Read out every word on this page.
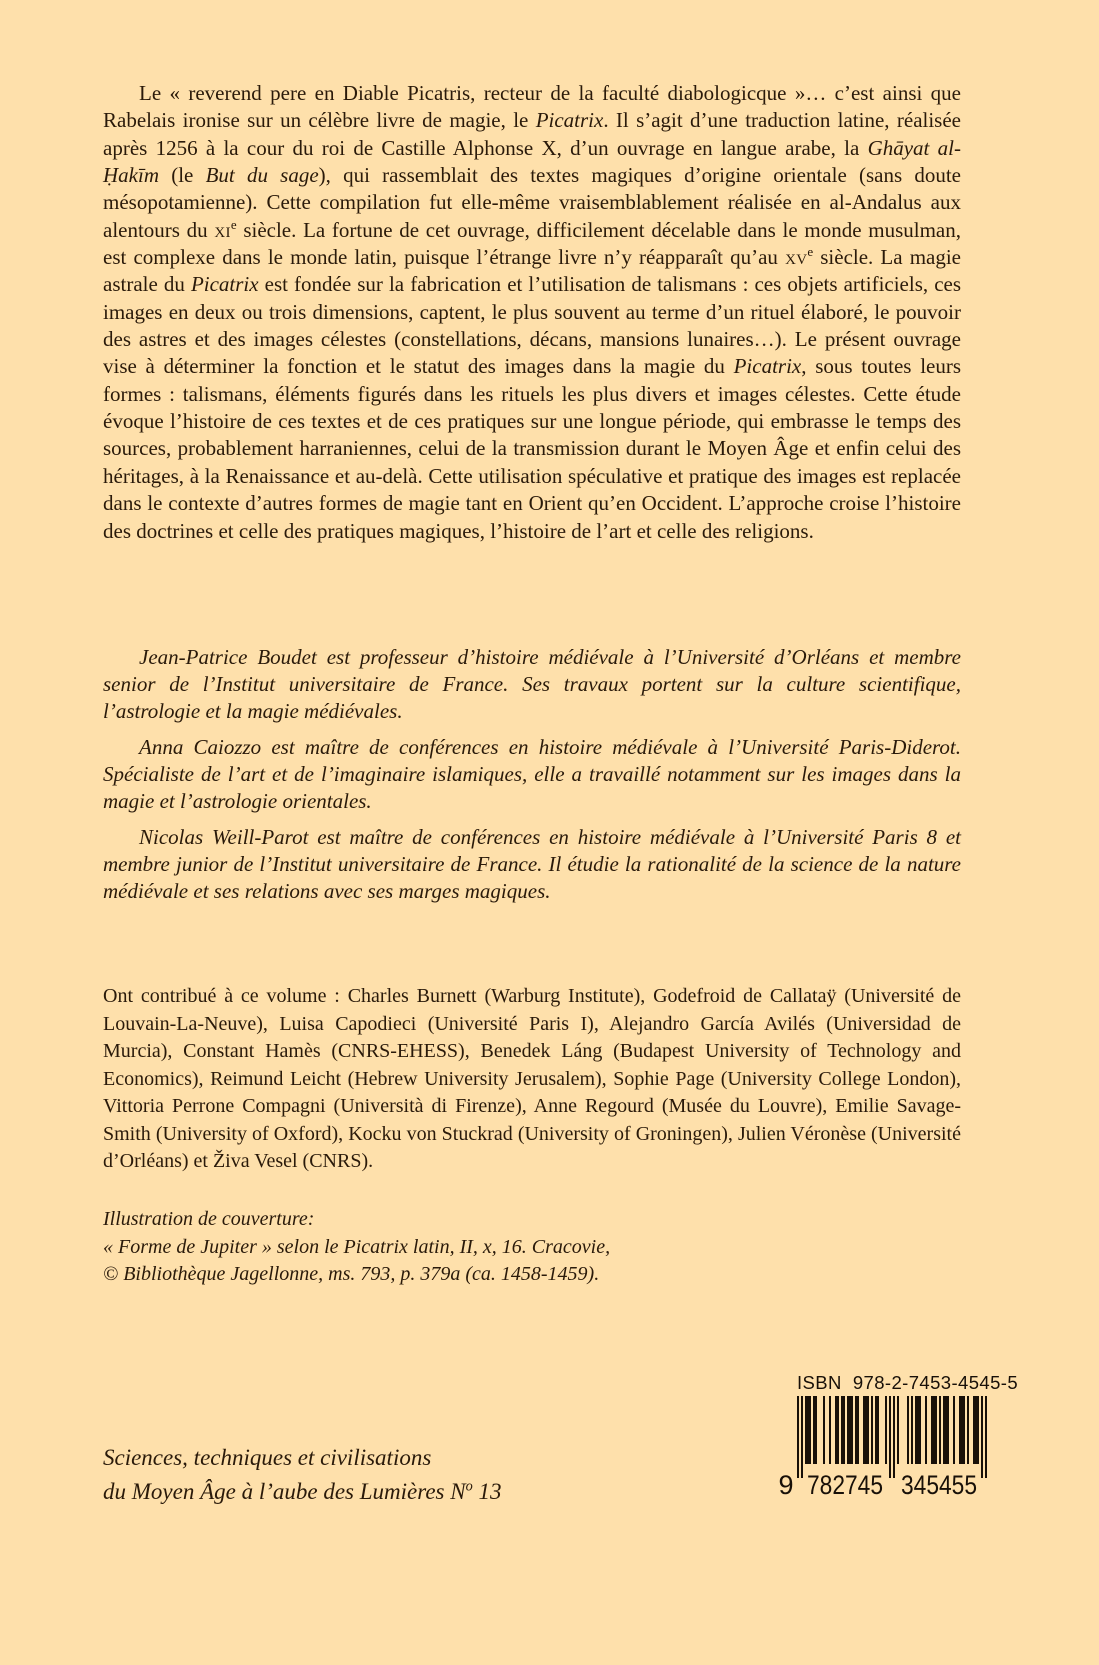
Le « reverend pere en Diable Picatris, recteur de la faculté diabologicque »… c’est ainsi que Rabelais ironise sur un célèbre livre de magie, le Picatrix. Il s’agit d’une traduction latine, réalisée après 1256 à la cour du roi de Castille Alphonse X, d’un ouvrage en langue arabe, la Ghāyat al-Ḥakīm (le But du sage), qui rassemblait des textes magiques d’origine orientale (sans doute mésopotamienne). Cette compilation fut elle-même vraisemblablement réalisée en al-Andalus aux alentours du $xi^e$ siècle. La fortune de cet ouvrage, difficilement décelable dans le monde musulman, est complexe dans le monde latin, puisque l’étrange livre n’y réapparaît qu’au $xv^e$ siècle. La magie astrale du Picatrix est fondée sur la fabrication et l’utilisation de talismans : ces objets artificiels, ces images en deux ou trois dimensions, captent, le plus souvent au terme d’un rituel élaboré, le pouvoir des astres et des images célestes (constellations, décans, mansions lunaires…). Le présent ouvrage vise à déterminer la fonction et le statut des images dans la magie du Picatrix, sous toutes leurs formes : talismans, éléments figurés dans les rituels les plus divers et images célestes. Cette étude évoque l’histoire de ces textes et de ces pratiques sur une longue période, qui embrasse le temps des sources, probablement harraniennes, celui de la transmission durant le Moyen Âge et enfin celui des héritages, à la Renaissance et au-delà. Cette utilisation spéculative et pratique des images est replacée dans le contexte d’autres formes de magie tant en Orient qu’en Occident. L’approche croise l’histoire des doctrines et celle des pratiques magiques, l’histoire de l’art et celle des religions.

Jean-Patrice Boudet est professeur d’histoire médiévale à l’Université d’Orléans et membre senior de l’Institut universitaire de France. Ses travaux portent sur la culture scientifique, l’astrologie et la magie médiévales.

Anna Caiozzo est maître de conférences en histoire médiévale à l’Université Paris-Diderot. Spécialiste de l’art et de l’imaginaire islamiques, elle a travaillé notamment sur les images dans la magie et l’astrologie orientales.

Nicolas Weill-Parot est maître de conférences en histoire médiévale à l’Université Paris 8 et membre junior de l’Institut universitaire de France. Il étudie la rationalité de la science de la nature médiévale et ses relations avec ses marges magiques.

Ont contribué à ce volume : Charles Burnett (Warburg Institute), Godefroid de Callataÿ (Université de Louvain-La-Neuve), Luisa Capodieci (Université Paris I), Alejandro García Avilés (Universidad de Murcia), Constant Hamès (CNRS-EHESS), Benedek Láng (Budapest University of Technology and Economics), Reimund Leicht (Hebrew University Jerusalem), Sophie Page (University College London), Vittoria Perrone Compagni (Università di Firenze), Anne Regourd (Musée du Louvre), Emilie Savage-Smith (University of Oxford), Kocku von Stuckrad (University of Groningen), Julien Véronèse (Université d’Orléans) et Živa Vesel (CNRS).

Illustration de couverture:
« Forme de Jupiter » selon le Picatrix latin, II, x, 16. Cracovie,
© Bibliothèque Jagellonne, ms. 793, p. 379a (ca. 1458-1459).
Sciences, techniques et civilisations
du Moyen Âge à l’aube des Lumières $N^o$ 13
ISBN  978-2-7453-4545-5
9 782745 345455
